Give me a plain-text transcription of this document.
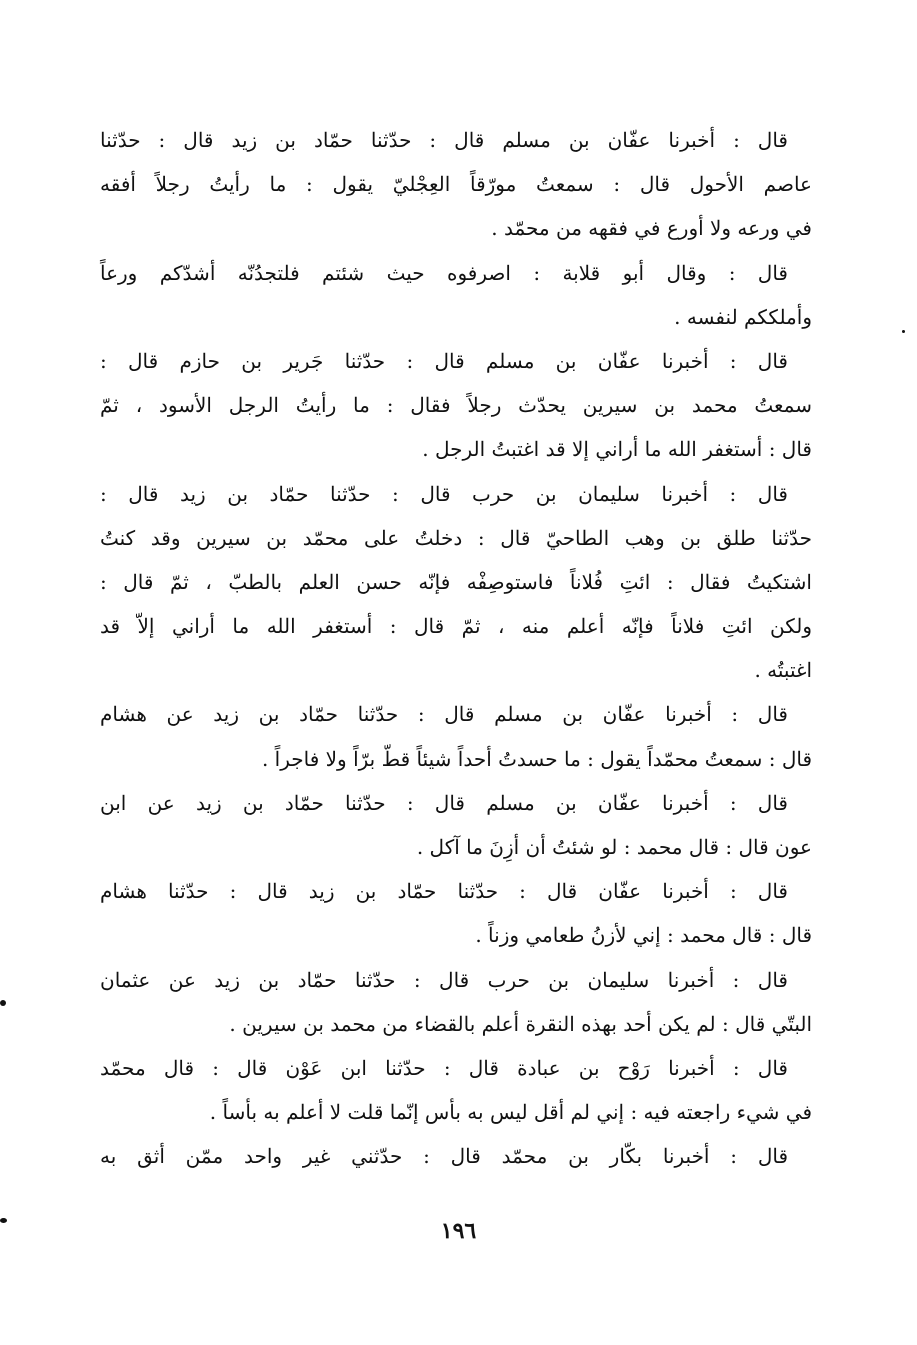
قال : أخبرنا عفّان بن مسلم قال : حدّثنا حمّاد بن زيد قال : حدّثنا
عاصم الأحول قال : سمعتُ مورّقاً العِجْليّ يقول : ما رأيتُ رجلاً أفقه
في ورعه ولا أورع في فقهه من محمّد .
قال : وقال أبو قلابة : اصرفوه حيث شئتم فلتجدُنّه أشدّكم ورعاً
وأملككم لنفسه .
قال : أخبرنا عفّان بن مسلم قال : حدّثنا جَرير بن حازم قال :
سمعتُ محمد بن سيرين يحدّث رجلاً فقال : ما رأيتُ الرجل الأسود ، ثمّ
قال : أستغفر الله ما أراني إلا قد اغتبتُ الرجل .
قال : أخبرنا سليمان بن حرب قال : حدّثنا حمّاد بن زيد قال :
حدّثنا طلق بن وهب الطاحيّ قال : دخلتُ على محمّد بن سيرين وقد كنتُ
اشتكيتُ فقال : ائتِ فُلاناً فاستوصِفْه فإنّه حسن العلم بالطبّ ، ثمّ قال :
ولكن ائتِ فلاناً فإنّه أعلم منه ، ثمّ قال : أستغفر الله ما أراني إلاّ قد
اغتبتُه .
قال : أخبرنا عفّان بن مسلم قال : حدّثنا حمّاد بن زيد عن هشام
قال : سمعتُ محمّداً يقول : ما حسدتُ أحداً شيئاً قطّ برّاً ولا فاجراً .
قال : أخبرنا عفّان بن مسلم قال : حدّثنا حمّاد بن زيد عن ابن
عون قال : قال محمد : لو شئتُ أن أزِنَ ما آكل .
قال : أخبرنا عفّان قال : حدّثنا حمّاد بن زيد قال : حدّثنا هشام
قال : قال محمد : إني لأزنُ طعامي وزناً .
قال : أخبرنا سليمان بن حرب قال : حدّثنا حمّاد بن زيد عن عثمان
البتّي قال : لم يكن أحد بهذه النقرة أعلم بالقضاء من محمد بن سيرين .
قال : أخبرنا رَوْح بن عبادة قال : حدّثنا ابن عَوْن قال : قال محمّد
في شيء راجعته فيه : إني لم أقل ليس به بأس إنّما قلت لا أعلم به بأساً .
قال : أخبرنا بكّار بن محمّد قال : حدّثني غير واحد ممّن أثق به
١٩٦
